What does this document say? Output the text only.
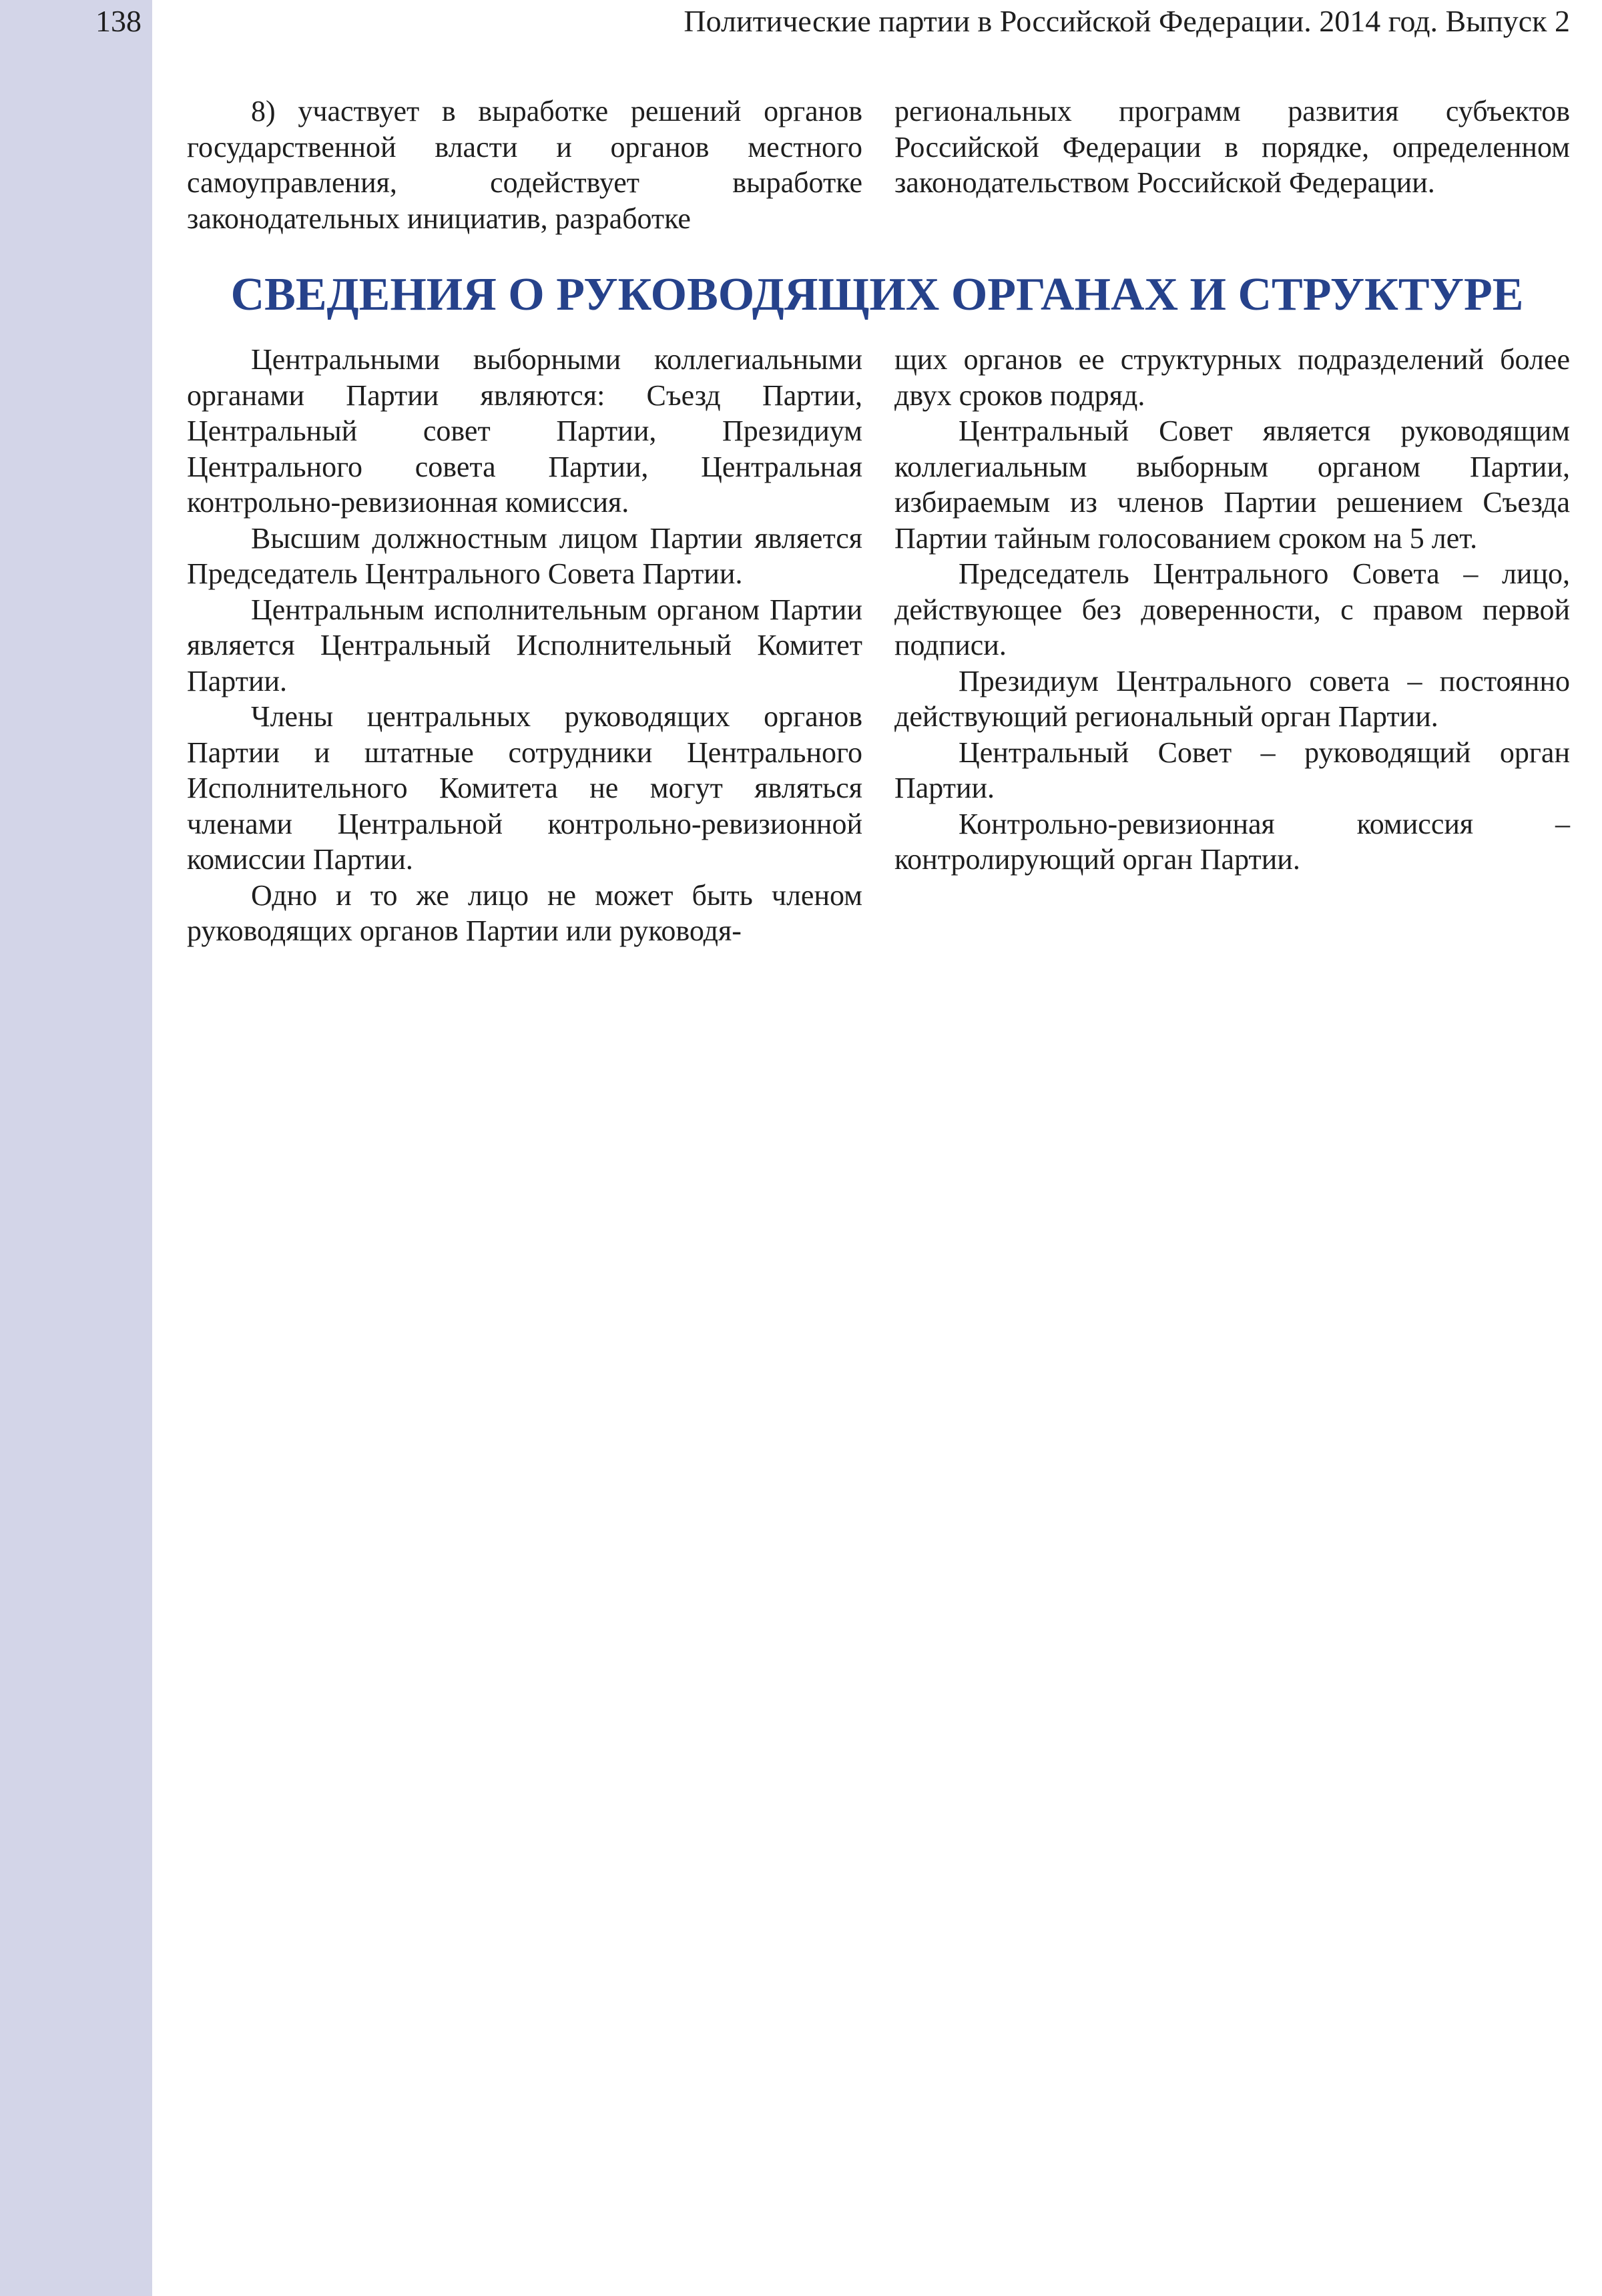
138	Политические партии в Российской Федерации. 2014 год. Выпуск 2

8) участвует в выработке решений органов государственной власти и органов местного самоуправления, содействует выработке законодательных инициатив, разработке

региональных программ развития субъектов Российской Федерации в порядке, определенном законодательством Российской Федерации.

СВЕДЕНИЯ О РУКОВОДЯЩИХ ОРГАНАХ И СТРУКТУРЕ

Центральными выборными коллегиальными органами Партии являются: Съезд Партии, Центральный совет Партии, Президиум Центрального совета Партии, Центральная контрольно-ревизионная комиссия.

Высшим должностным лицом Партии является Председатель Центрального Совета Партии.

Центральным исполнительным органом Партии является Центральный Исполнительный Комитет Партии.

Члены центральных руководящих органов Партии и штатные сотрудники Центрального Исполнительного Комитета не могут являться членами Центральной контрольно-ревизионной комиссии Партии.

Одно и то же лицо не может быть членом руководящих органов Партии или руководя-

щих органов ее структурных подразделений более двух сроков подряд.

Центральный Совет является руководящим коллегиальным выборным органом Партии, избираемым из членов Партии решением Съезда Партии тайным голосованием сроком на 5 лет.

Председатель Центрального Совета – лицо, действующее без доверенности, с правом первой подписи.

Президиум Центрального совета – постоянно действующий региональный орган Партии.

Центральный Совет – руководящий орган Партии.

Контрольно-ревизионная комиссия – контролирующий орган Партии.
